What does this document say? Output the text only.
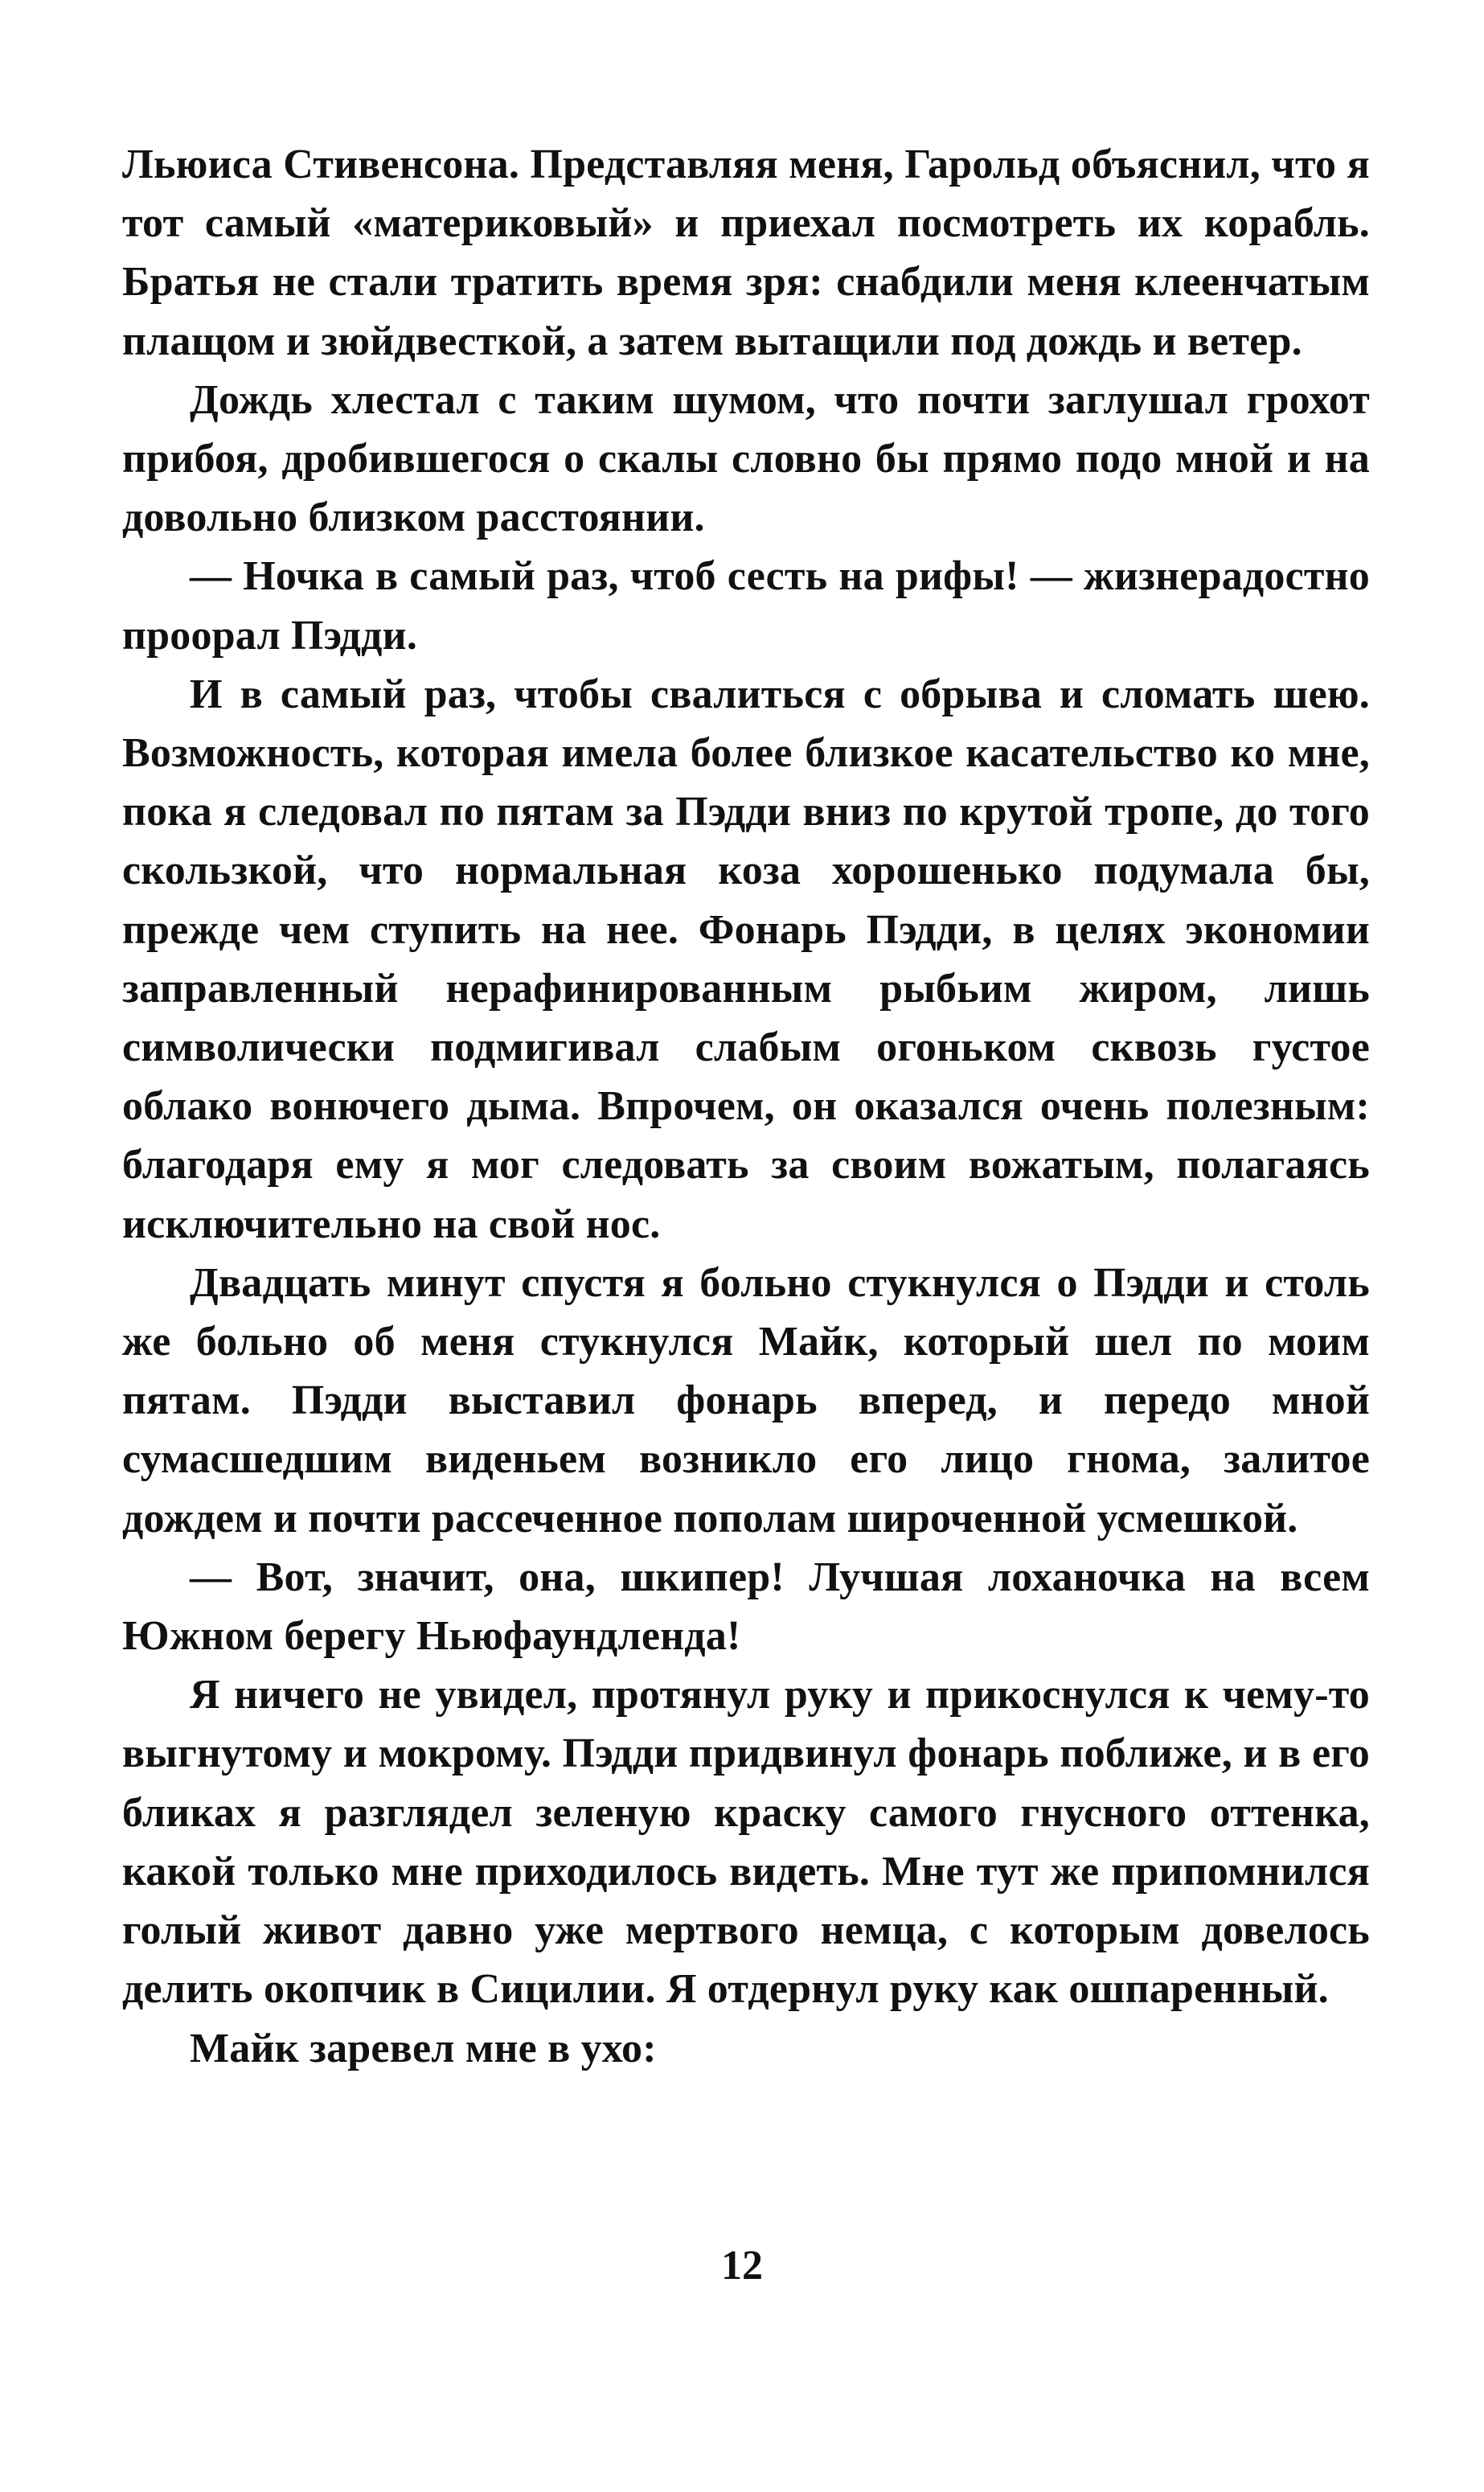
Льюиса Стивенсона. Представляя меня, Гарольд объяснил, что я тот самый «материковый» и приехал посмотреть их корабль. Братья не стали тратить время зря: снабдили меня клеенчатым плащом и зюйдвесткой, а затем вытащили под дождь и ветер.

Дождь хлестал с таким шумом, что почти заглушал грохот прибоя, дробившегося о скалы словно бы прямо подо мной и на довольно близком расстоянии.

— Ночка в самый раз, чтоб сесть на рифы! — жизнерадостно проорал Пэдди.

И в самый раз, чтобы свалиться с обрыва и сломать шею. Возможность, которая имела более близкое касательство ко мне, пока я следовал по пятам за Пэдди вниз по крутой тропе, до того скользкой, что нормальная коза хорошенько подумала бы, прежде чем ступить на нее. Фонарь Пэдди, в целях экономии заправленный нерафинированным рыбьим жиром, лишь символически подмигивал слабым огоньком сквозь густое облако вонючего дыма. Впрочем, он оказался очень полезным: благодаря ему я мог следовать за своим вожатым, полагаясь исключительно на свой нос.

Двадцать минут спустя я больно стукнулся о Пэдди и столь же больно об меня стукнулся Майк, который шел по моим пятам. Пэдди выставил фонарь вперед, и передо мной сумасшедшим виденьем возникло его лицо гнома, залитое дождем и почти рассеченное пополам широченной усмешкой.

— Вот, значит, она, шкипер! Лучшая лоханочка на всем Южном берегу Ньюфаундленда!

Я ничего не увидел, протянул руку и прикоснулся к чему-то выгнутому и мокрому. Пэдди придвинул фонарь поближе, и в его бликах я разглядел зеленую краску самого гнусного оттенка, какой только мне приходилось видеть. Мне тут же припомнился голый живот давно уже мертвого немца, с которым довелось делить окопчик в Сицилии. Я отдернул руку как ошпаренный.

Майк заревел мне в ухо:

12
